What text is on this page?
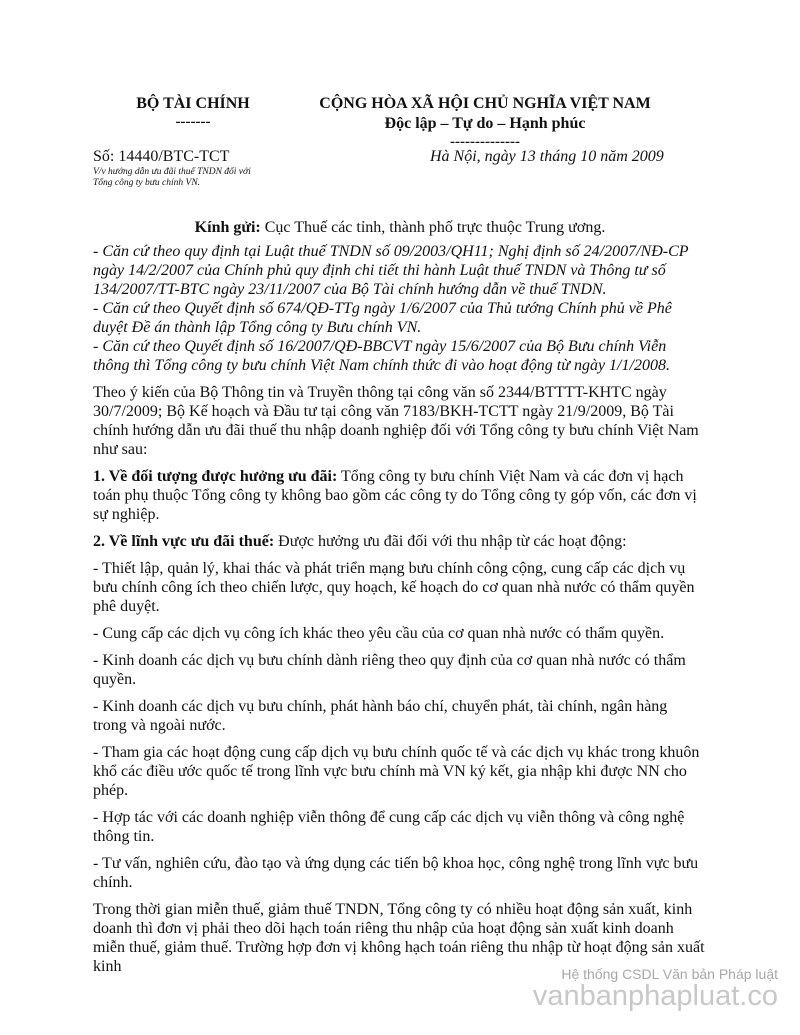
BỘ TÀI CHÍNH
-------
CỘNG HÒA XÃ HỘI CHỦ NGHĨA VIỆT NAM
Độc lập – Tự do – Hạnh phúc
--------------
Số: 14440/BTC-TCT
V/v hướng dẫn ưu đãi thuế TNDN đối với
Tổng công ty bưu chính VN.
Hà Nội, ngày 13 tháng 10 năm 2009
Kính gửi: Cục Thuế các tỉnh, thành phố trực thuộc Trung ương.

- Căn cứ theo quy định tại Luật thuế TNDN số 09/2003/QH11; Nghị định số 24/2007/NĐ-CP ngày 14/2/2007 của Chính phủ quy định chi tiết thi hành Luật thuế TNDN và Thông tư số 134/2007/TT-BTC ngày 23/11/2007 của Bộ Tài chính hướng dẫn về thuế TNDN.

- Căn cứ theo Quyết định số 674/QĐ-TTg ngày 1/6/2007 của Thủ tướng Chính phủ về Phê duyệt Đề án thành lập Tổng công ty Bưu chính VN.

- Căn cứ theo Quyết định số 16/2007/QĐ-BBCVT ngày 15/6/2007 của Bộ Bưu chính Viễn thông thì Tổng công ty bưu chính Việt Nam chính thức đi vào hoạt động từ ngày 1/1/2008.

Theo ý kiến của Bộ Thông tin và Truyền thông tại công văn số 2344/BTTTT-KHTC ngày 30/7/2009; Bộ Kế hoạch và Đầu tư tại công văn 7183/BKH-TCTT ngày 21/9/2009, Bộ Tài chính hướng dẫn ưu đãi thuế thu nhập doanh nghiệp đối với Tổng công ty bưu chính Việt Nam như sau:

1. Về đối tượng được hưởng ưu đãi: Tổng công ty bưu chính Việt Nam và các đơn vị hạch toán phụ thuộc Tổng công ty không bao gồm các công ty do Tổng công ty góp vốn, các đơn vị sự nghiệp.

2. Về lĩnh vực ưu đãi thuế: Được hưởng ưu đãi đối với thu nhập từ các hoạt động:

- Thiết lập, quản lý, khai thác và phát triển mạng bưu chính công cộng, cung cấp các dịch vụ bưu chính công ích theo chiến lược, quy hoạch, kế hoạch do cơ quan nhà nước có thẩm quyền phê duyệt.

- Cung cấp các dịch vụ công ích khác theo yêu cầu của cơ quan nhà nước có thẩm quyền.

- Kinh doanh các dịch vụ bưu chính dành riêng theo quy định của cơ quan nhà nước có thẩm quyền.

- Kinh doanh các dịch vụ bưu chính, phát hành báo chí, chuyển phát, tài chính, ngân hàng trong và ngoài nước.

- Tham gia các hoạt động cung cấp dịch vụ bưu chính quốc tế và các dịch vụ khác trong khuôn khổ các điều ước quốc tế trong lĩnh vực bưu chính mà VN ký kết, gia nhập khi được NN cho phép.

- Hợp tác với các doanh nghiệp viễn thông để cung cấp các dịch vụ viễn thông và công nghệ thông tin.

- Tư vấn, nghiên cứu, đào tạo và ứng dụng các tiến bộ khoa học, công nghệ trong lĩnh vực bưu chính.

Trong thời gian miễn thuế, giảm thuế TNDN, Tổng công ty có nhiều hoạt động sản xuất, kinh doanh thì đơn vị phải theo dõi hạch toán riêng thu nhập của hoạt động sản xuất kinh doanh miễn thuế, giảm thuế. Trường hợp đơn vị không hạch toán riêng thu nhập từ hoạt động sản xuất kinh	Hệ thống CSDL Văn bản Pháp luật
vanbanphapluat.co
